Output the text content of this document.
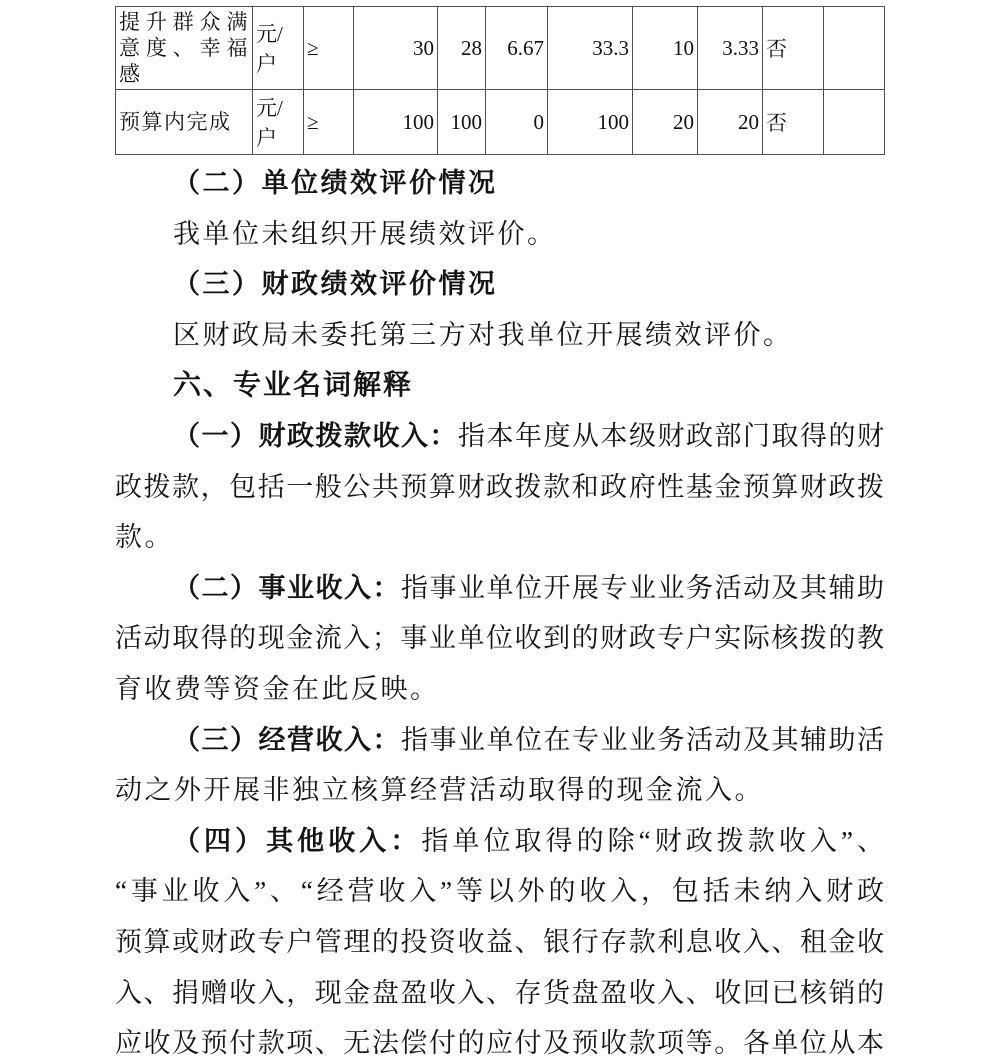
提升群众满意度、幸福感	元/户	≥	30	28	6.67	33.3	10	3.33	否	
预算内完成	元/户	≥	100	100	0	100	20	20	否	
（二）单位绩效评价情况
我单位未组织开展绩效评价。
（三）财政绩效评价情况
区财政局未委托第三方对我单位开展绩效评价。
六、专业名词解释
（一）财政拨款收入：指本年度从本级财政部门取得的财
政拨款，包括一般公共预算财政拨款和政府性基金预算财政拨
款。
（二）事业收入：指事业单位开展专业业务活动及其辅助
活动取得的现金流入；事业单位收到的财政专户实际核拨的教
育收费等资金在此反映。
（三）经营收入：指事业单位在专业业务活动及其辅助活
动之外开展非独立核算经营活动取得的现金流入。
（四）其他收入：指单位取得的除“财政拨款收入”、
“事业收入”、“经营收入”等以外的收入，包括未纳入财政
预算或财政专户管理的投资收益、银行存款利息收入、租金收
入、捐赠收入，现金盘盈收入、存货盘盈收入、收回已核销的
应收及预付款项、无法偿付的应付及预收款项等。各单位从本
